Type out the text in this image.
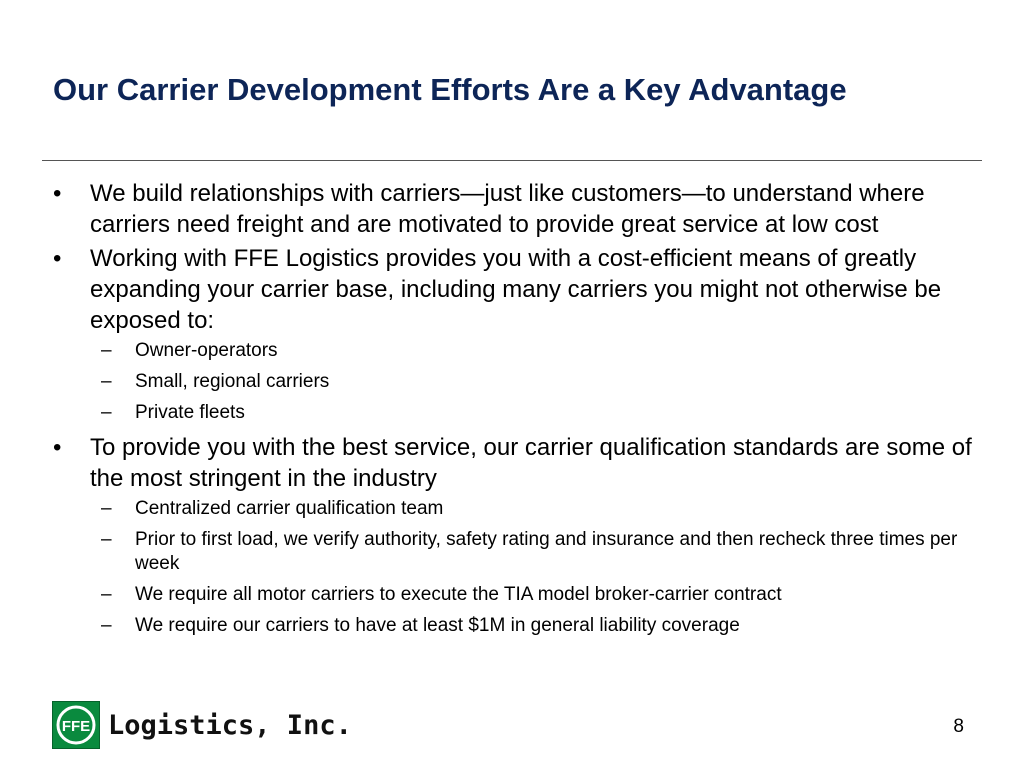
Our Carrier Development Efforts Are a Key Advantage
• We build relationships with carriers—just like customers—to understand where carriers need freight and are motivated to provide great service at low cost
• Working with FFE Logistics provides you with a cost-efficient means of greatly expanding your carrier base, including many carriers you might not otherwise be exposed to:
– Owner-operators
– Small, regional carriers
– Private fleets
• To provide you with the best service, our carrier qualification standards are some of the most stringent in the industry
– Centralized carrier qualification team
– Prior to first load, we verify authority, safety rating and insurance and then recheck three times per week
– We require all motor carriers to execute the TIA model broker-carrier contract
– We require our carriers to have at least $1M in general liability coverage
FFE Logistics, Inc.	8
